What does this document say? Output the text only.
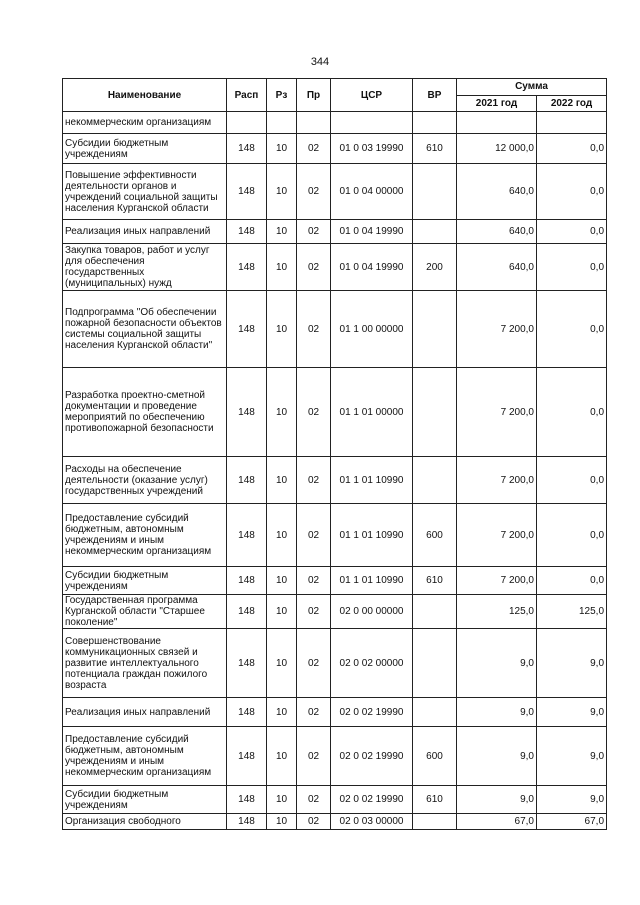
344
Наименование	Расп	Рз	Пр	ЦСР	ВР	Сумма	
						2021 год	2022 год
некоммерческим организациям							
Субсидии бюджетным учреждениям	148	10	02	01 0 03 19990	610	12 000,0	0,0
Повышение эффективности деятельности органов и учреждений социальной защиты населения Курганской области	148	10	02	01 0 04 00000		640,0	0,0
Реализация иных направлений	148	10	02	01 0 04 19990		640,0	0,0
Закупка товаров, работ и услуг для обеспечения государственных (муниципальных) нужд	148	10	02	01 0 04 19990	200	640,0	0,0
Подпрограмма "Об обеспечении пожарной безопасности объектов системы социальной защиты населения Курганской области"	148	10	02	01 1 00 00000		7 200,0	0,0
Разработка проектно-сметной документации и проведение мероприятий по обеспечению противопожарной безопасности	148	10	02	01 1 01 00000		7 200,0	0,0
Расходы на обеспечение деятельности (оказание услуг) государственных учреждений	148	10	02	01 1 01 10990		7 200,0	0,0
Предоставление субсидий бюджетным, автономным учреждениям и иным некоммерческим организациям	148	10	02	01 1 01 10990	600	7 200,0	0,0
Субсидии бюджетным учреждениям	148	10	02	01 1 01 10990	610	7 200,0	0,0
Государственная программа Курганской области "Старшее поколение"	148	10	02	02 0 00 00000		125,0	125,0
Совершенствование коммуникационных связей и развитие интеллектуального потенциала граждан пожилого возраста	148	10	02	02 0 02 00000		9,0	9,0
Реализация иных направлений	148	10	02	02 0 02 19990		9,0	9,0
Предоставление субсидий бюджетным, автономным учреждениям и иным некоммерческим организациям	148	10	02	02 0 02 19990	600	9,0	9,0
Субсидии бюджетным учреждениям	148	10	02	02 0 02 19990	610	9,0	9,0
Организация свободного	148	10	02	02 0 03 00000		67,0	67,0
